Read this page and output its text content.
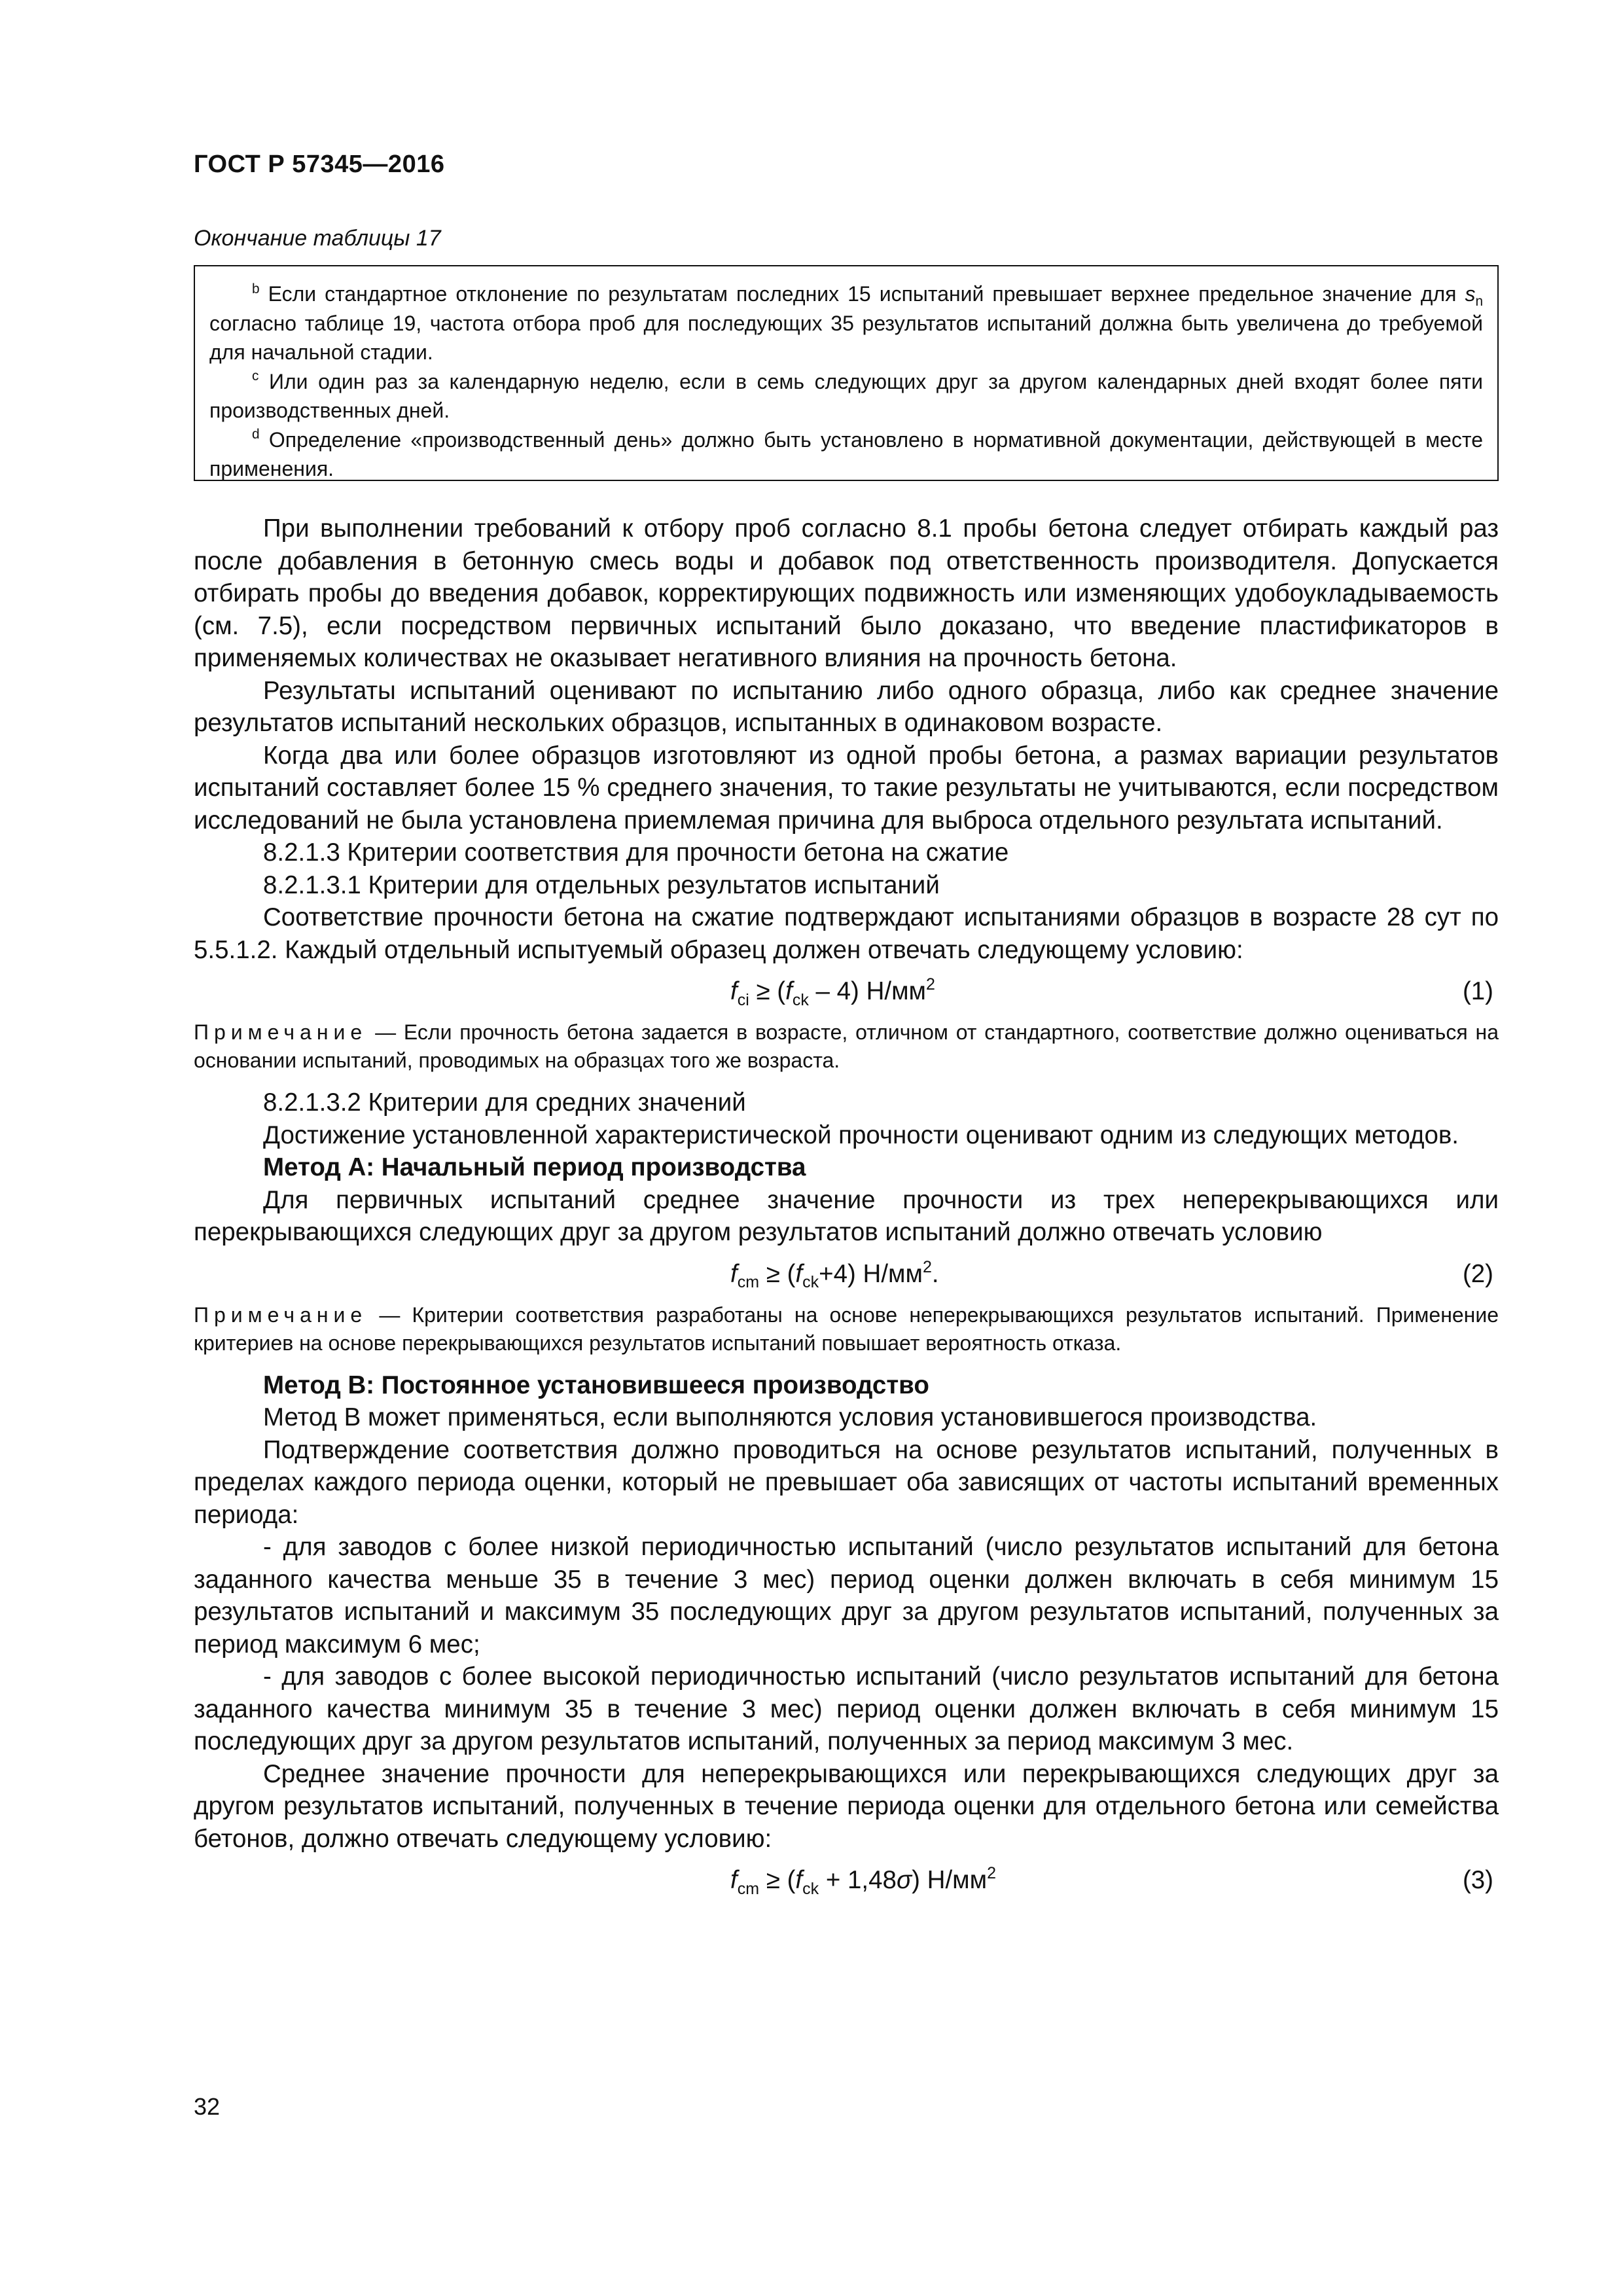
ГОСТ Р 57345—2016
Окончание таблицы 17

$^b$ Если стандартное отклонение по результатам последних 15 испытаний превышает верхнее предельное значение для $s_n$ согласно таблице 19, частота отбора проб для последующих 35 результатов испытаний должна быть увеличена до требуемой для начальной стадии.

$^c$ Или один раз за календарную неделю, если в семь следующих друг за другом календарных дней входят более пяти производственных дней.

$^d$ Определение «производственный день» должно быть установлено в нормативной документации, действующей в месте применения.

При выполнении требований к отбору проб согласно 8.1 пробы бетона следует отбирать каждый раз после добавления в бетонную смесь воды и добавок под ответственность производителя. Допускается отбирать пробы до введения добавок, корректирующих подвижность или изменяющих удобоукладываемость (см. 7.5), если посредством первичных испытаний было доказано, что введение пластификаторов в применяемых количествах не оказывает негативного влияния на прочность бетона.

Результаты испытаний оценивают по испытанию либо одного образца, либо как среднее значение результатов испытаний нескольких образцов, испытанных в одинаковом возрасте.

Когда два или более образцов изготовляют из одной пробы бетона, а размах вариации результатов испытаний составляет более 15 % среднего значения, то такие результаты не учитываются, если посредством исследований не была установлена приемлемая причина для выброса отдельного результата испытаний.

8.2.1.3 Критерии соответствия для прочности бетона на сжатие

8.2.1.3.1 Критерии для отдельных результатов испытаний

Соответствие прочности бетона на сжатие подтверждают испытаниями образцов в возрасте 28 сут по 5.5.1.2. Каждый отдельный испытуемый образец должен отвечать следующему условию:

$f_{ci} \ge (f_{ck} - 4)$ $Н/мм^2$	(1)

Примечание — Если прочность бетона задается в возрасте, отличном от стандартного, соответствие должно оцениваться на основании испытаний, проводимых на образцах того же возраста.

8.2.1.3.2 Критерии для средних значений

Достижение установленной характеристической прочности оценивают одним из следующих методов.

Метод А: Начальный период производства

Для первичных испытаний среднее значение прочности из трех неперекрывающихся или перекрывающихся следующих друг за другом результатов испытаний должно отвечать условию

$f_{cm} \ge (f_{ck}+4)$ $Н/мм^2$.	(2)

Примечание — Критерии соответствия разработаны на основе неперекрывающихся результатов испытаний. Применение критериев на основе перекрывающихся результатов испытаний повышает вероятность отказа.

Метод В: Постоянное установившееся производство

Метод В может применяться, если выполняются условия установившегося производства.

Подтверждение соответствия должно проводиться на основе результатов испытаний, полученных в пределах каждого периода оценки, который не превышает оба зависящих от частоты испытаний временных периода:

- для заводов с более низкой периодичностью испытаний (число результатов испытаний для бетона заданного качества меньше 35 в течение 3 мес) период оценки должен включать в себя минимум 15 результатов испытаний и максимум 35 последующих друг за другом результатов испытаний, полученных за период максимум 6 мес;

- для заводов с более высокой периодичностью испытаний (число результатов испытаний для бетона заданного качества минимум 35 в течение 3 мес) период оценки должен включать в себя минимум 15 последующих друг за другом результатов испытаний, полученных за период максимум 3 мес.

Среднее значение прочности для неперекрывающихся или перекрывающихся следующих друг за другом результатов испытаний, полученных в течение периода оценки для отдельного бетона или семейства бетонов, должно отвечать следующему условию:

$f_{cm} \ge (f_{ck} + 1,48\sigma)$ $Н/мм^2$	(3)
32
